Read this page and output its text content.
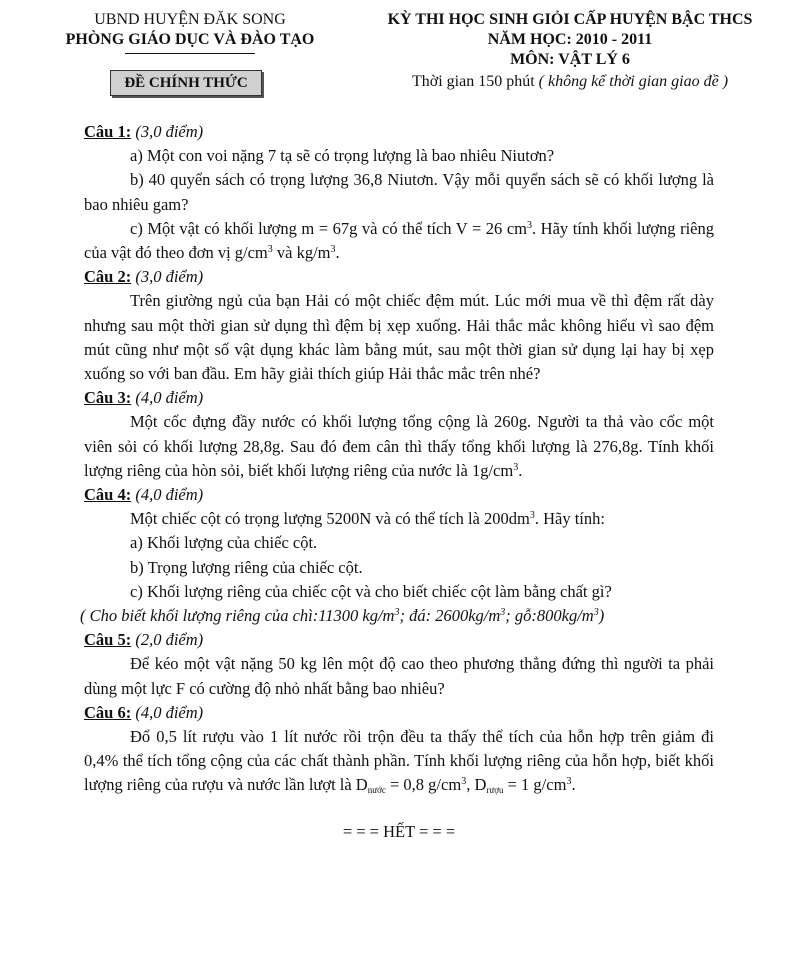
UBND HUYỆN ĐĂK SONG
PHÒNG GIÁO DỤC VÀ ĐÀO TẠO
ĐỀ CHÍNH THỨC
KỲ THI HỌC SINH GIỎI CẤP HUYỆN BẬC THCS
NĂM HỌC: 2010 - 2011
MÔN: VẬT LÝ 6
Thời gian 150 phút ( không kể thời gian giao đề )
Câu 1: (3,0 điểm)

a) Một con voi nặng 7 tạ sẽ có trọng lượng là bao nhiêu Niutơn?

b) 40 quyển sách có trọng lượng 36,8 Niutơn. Vậy mỗi quyển sách sẽ có khối lượng là bao nhiêu gam?

c) Một vật có khối lượng m = 67g và có thể tích V = 26 $cm^3$. Hãy tính khối lượng riêng của vật đó theo đơn vị $g/cm^3$ và $kg/m^3$.

Câu 2: (3,0 điểm)

Trên giường ngủ của bạn Hải có một chiếc đệm mút. Lúc mới mua về thì đệm rất dày nhưng sau một thời gian sử dụng thì đệm bị xẹp xuống. Hải thắc mắc không hiểu vì sao đệm mút cũng như một số vật dụng khác làm bằng mút, sau một thời gian sử dụng lại hay bị xẹp xuống so với ban đầu. Em hãy giải thích giúp Hải thắc mắc trên nhé?

Câu 3: (4,0 điểm)

Một cốc đựng đầy nước có khối lượng tổng cộng là 260g. Người ta thả vào cốc một viên sỏi có khối lượng 28,8g. Sau đó đem cân thì thấy tổng khối lượng là 276,8g. Tính khối lượng riêng của hòn sỏi, biết khối lượng riêng của nước là $1g/cm^3$.

Câu 4: (4,0 điểm)

Một chiếc cột có trọng lượng 5200N và có thể tích là $200dm^3$. Hãy tính:

a) Khối lượng của chiếc cột.

b) Trọng lượng riêng của chiếc cột.

c) Khối lượng riêng của chiếc cột và cho biết chiếc cột làm bằng chất gì?

( Cho biết khối lượng riêng của chì:11300 $kg/m^3$; đá: $2600kg/m^3$; $gỗ:800kg/m^3$)

Câu 5: (2,0 điểm)

Để kéo một vật nặng 50 kg lên một độ cao theo phương thẳng đứng thì người ta phải dùng một lực F có cường độ nhỏ nhất bằng bao nhiêu?

Câu 6: (4,0 điểm)

Đổ 0,5 lít rượu vào 1 lít nước rồi trộn đều ta thấy thể tích của hỗn hợp trên giảm đi 0,4% thể tích tổng cộng của các chất thành phần. Tính khối lượng riêng của hỗn hợp, biết khối lượng riêng của rượu và nước lần lượt là $D_{nước} = 0,8$ $g/cm^3$, $D_{rượu} = 1$ $g/cm^3$.

= = = HẾT = = =
